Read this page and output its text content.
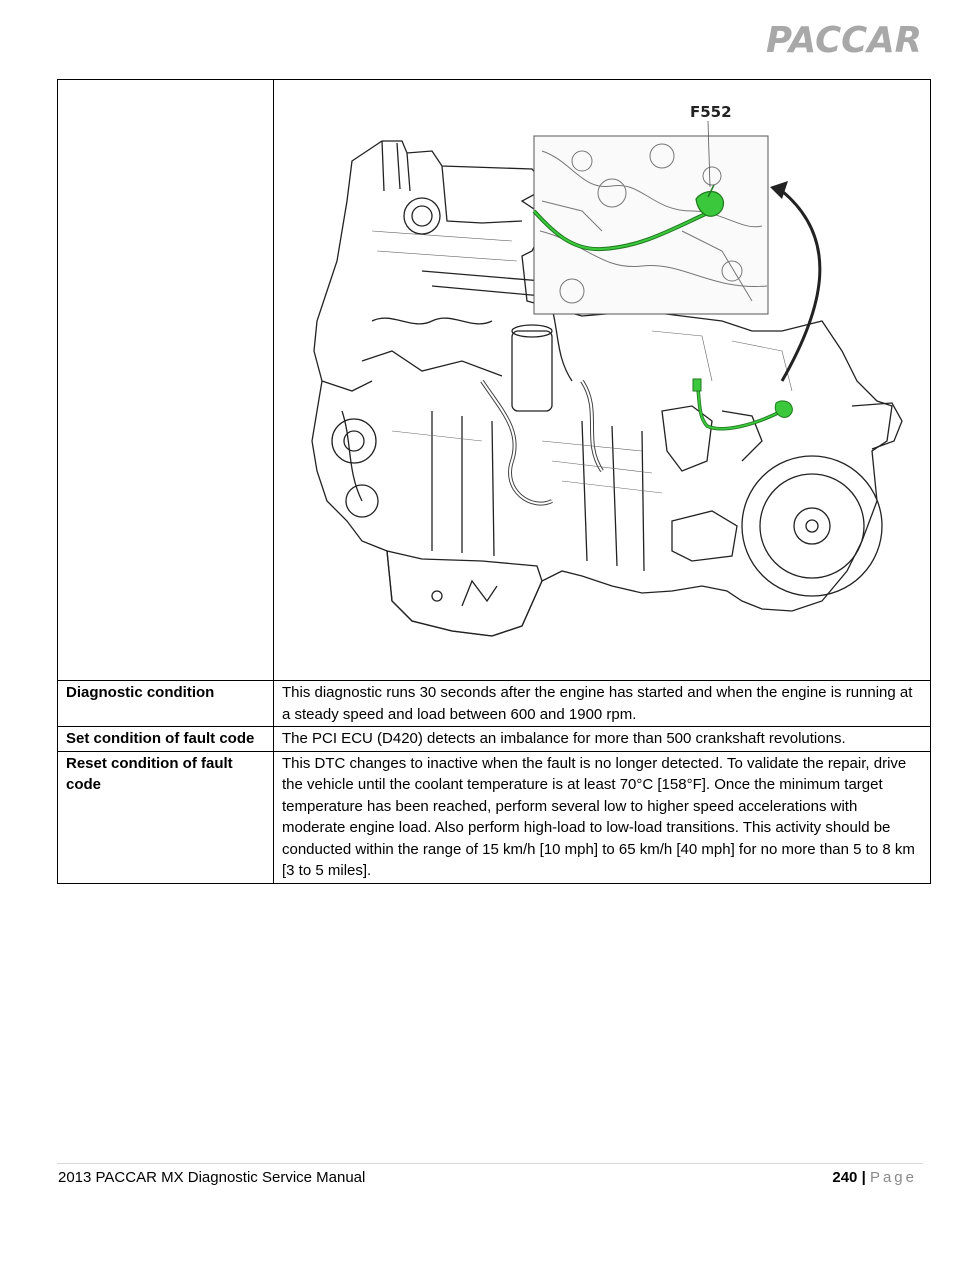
PACCAR

F552

Diagnostic condition	This diagnostic runs 30 seconds after the engine has started and when the engine is running at a steady speed and load between 600 and 1900 rpm.
Set condition of fault code	The PCI ECU (D420) detects an imbalance for more than 500 crankshaft revolutions.
Reset condition of fault code	This DTC changes to inactive when the fault is no longer detected. To validate the repair, drive the vehicle until the coolant temperature is at least 70°C [158°F]. Once the minimum target temperature has been reached, perform several low to higher speed accelerations with moderate engine load. Also perform high-load to low-load transitions. This activity should be conducted within the range of 15 km/h [10 mph] to 65 km/h [40 mph] for no more than 5 to 8 km [3 to 5 miles].
2013 PACCAR MX Diagnostic Service Manual	240 | Page
